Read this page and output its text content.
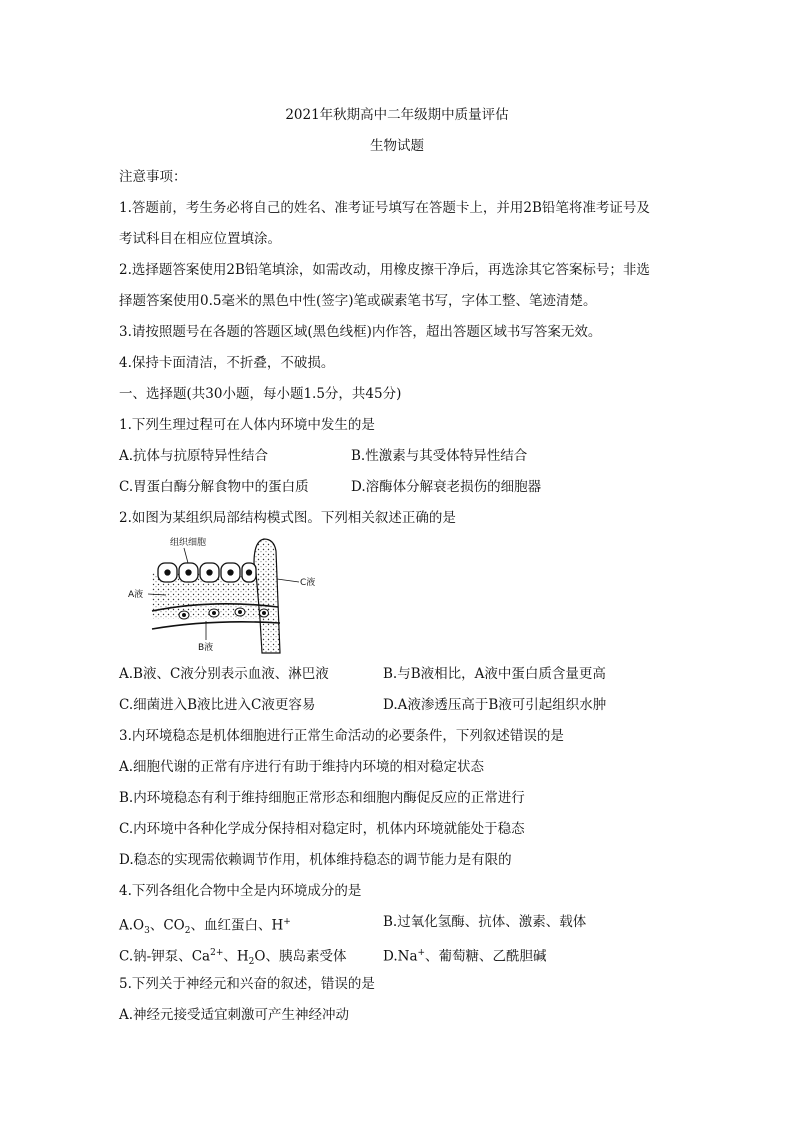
2021年秋期高中二年级期中质量评估
生物试题
注意事项：
1.答题前，考生务必将自己的姓名、准考证号填写在答题卡上，并用2B铅笔将准考证号及
考试科目在相应位置填涂。
2.选择题答案使用2B铅笔填涂，如需改动，用橡皮擦干净后，再选涂其它答案标号；非选
择题答案使用0.5毫米的黑色中性(签字)笔或碳素笔书写，字体工整、笔迹清楚。
3.请按照题号在各题的答题区域(黑色线框)内作答，超出答题区域书写答案无效。
4.保持卡面清洁，不折叠，不破损。
一、选择题(共30小题，每小题1.5分，共45分)
1.下列生理过程可在人体内环境中发生的是
A.抗体与抗原特异性结合	B.性激素与其受体特异性结合
C.胃蛋白酶分解食物中的蛋白质	D.溶酶体分解衰老损伤的细胞器
2.如图为某组织局部结构模式图。下列相关叙述正确的是
组织细胞
C液
A液
B液
A.B液、C液分别表示血液、淋巴液	B.与B液相比，A液中蛋白质含量更高
C.细菌进入B液比进入C液更容易	D.A液渗透压高于B液可引起组织水肿
3.内环境稳态是机体细胞进行正常生命活动的必要条件，下列叙述错误的是
A.细胞代谢的正常有序进行有助于维持内环境的相对稳定状态
B.内环境稳态有利于维持细胞正常形态和细胞内酶促反应的正常进行
C.内环境中各种化学成分保持相对稳定时，机体内环境就能处于稳态
D.稳态的实现需依赖调节作用，机体维持稳态的调节能力是有限的
4.下列各组化合物中全是内环境成分的是
$A.O_3$、$CO_2$、血红蛋白、H+	B.过氧化氢酶、抗体、激素、载体
C.钠-钾泵、$Ca^{2+}$、$H_2O$、胰岛素受体	D.Na+、葡萄糖、乙酰胆碱
5.下列关于神经元和兴奋的叙述，错误的是
A.神经元接受适宜刺激可产生神经冲动
